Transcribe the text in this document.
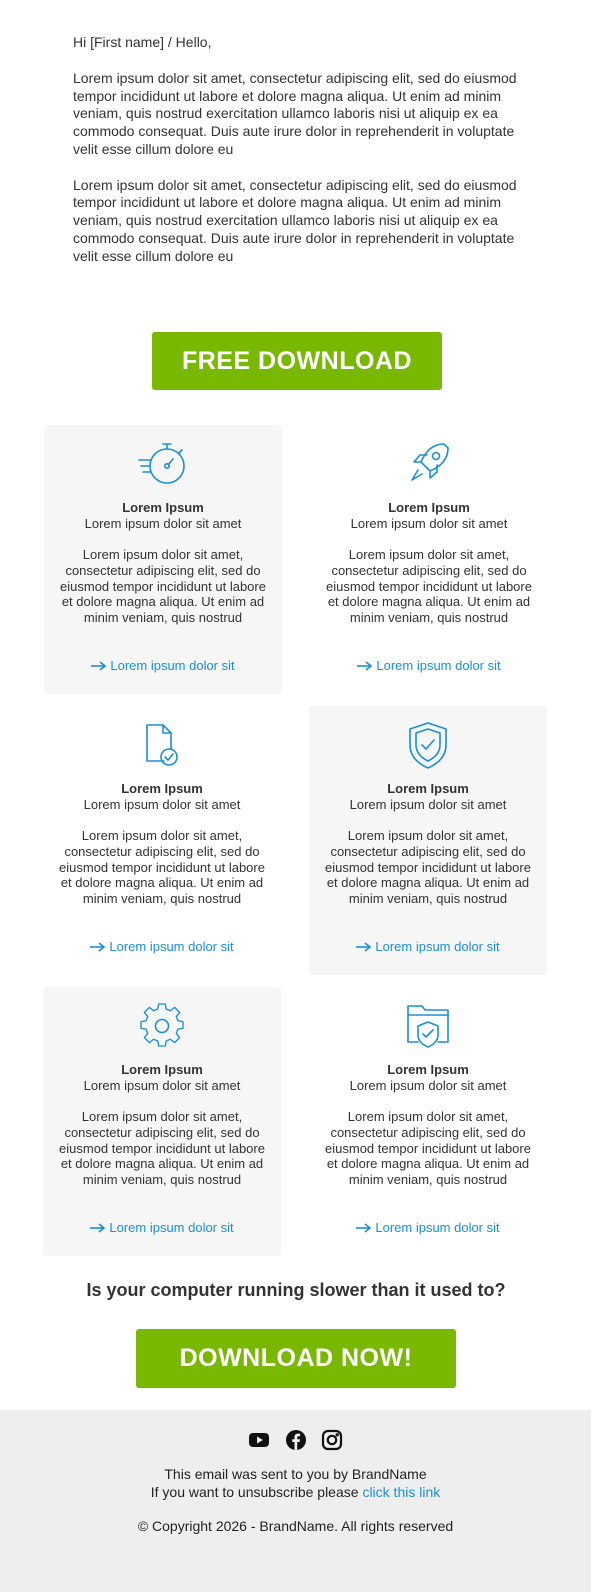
Hi [First name] / Hello,

Lorem ipsum dolor sit amet, consectetur adipiscing elit, sed do eiusmod tempor incididunt ut labore et dolore magna aliqua. Ut enim ad minim veniam, quis nostrud exercitation ullamco laboris nisi ut aliquip ex ea commodo consequat. Duis aute irure dolor in reprehenderit in voluptate velit esse cillum dolore eu

Lorem ipsum dolor sit amet, consectetur adipiscing elit, sed do eiusmod tempor incididunt ut labore et dolore magna aliqua. Ut enim ad minim veniam, quis nostrud exercitation ullamco laboris nisi ut aliquip ex ea commodo consequat. Duis aute irure dolor in reprehenderit in voluptate velit esse cillum dolore eu

FREE DOWNLOAD
Lorem Ipsum
Lorem ipsum dolor sit amet
Lorem ipsum dolor sit amet, consectetur adipiscing elit, sed do eiusmod tempor incididunt ut labore et dolore magna aliqua. Ut enim ad minim veniam, quis nostrud
Lorem ipsum dolor sit
Lorem Ipsum
Lorem ipsum dolor sit amet
Lorem ipsum dolor sit amet, consectetur adipiscing elit, sed do eiusmod tempor incididunt ut labore et dolore magna aliqua. Ut enim ad minim veniam, quis nostrud
Lorem ipsum dolor sit
Lorem Ipsum
Lorem ipsum dolor sit amet
Lorem ipsum dolor sit amet, consectetur adipiscing elit, sed do eiusmod tempor incididunt ut labore et dolore magna aliqua. Ut enim ad minim veniam, quis nostrud
Lorem ipsum dolor sit
Lorem Ipsum
Lorem ipsum dolor sit amet
Lorem ipsum dolor sit amet, consectetur adipiscing elit, sed do eiusmod tempor incididunt ut labore et dolore magna aliqua. Ut enim ad minim veniam, quis nostrud
Lorem ipsum dolor sit
Lorem Ipsum
Lorem ipsum dolor sit amet
Lorem ipsum dolor sit amet, consectetur adipiscing elit, sed do eiusmod tempor incididunt ut labore et dolore magna aliqua. Ut enim ad minim veniam, quis nostrud
Lorem ipsum dolor sit
Lorem Ipsum
Lorem ipsum dolor sit amet
Lorem ipsum dolor sit amet, consectetur adipiscing elit, sed do eiusmod tempor incididunt ut labore et dolore magna aliqua. Ut enim ad minim veniam, quis nostrud
Lorem ipsum dolor sit
Is your computer running slower than it used to?
DOWNLOAD NOW!

This email was sent to you by BrandName
If you want to unsubscribe please click this link
© Copyright 2026 - BrandName. All rights reserved
